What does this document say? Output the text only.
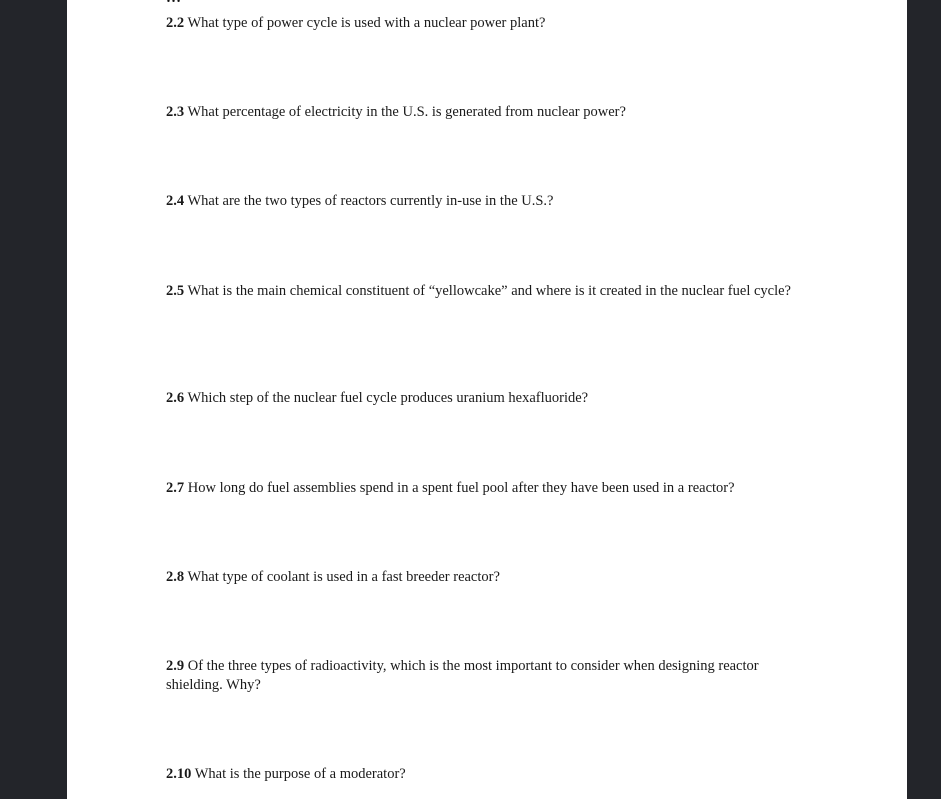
2.2 What type of power cycle is used with a nuclear power plant?
2.3 What percentage of electricity in the U.S. is generated from nuclear power?
2.4 What are the two types of reactors currently in-use in the U.S.?
2.5 What is the main chemical constituent of “yellowcake” and where is it created in the nuclear fuel cycle?
2.6 Which step of the nuclear fuel cycle produces uranium hexafluoride?
2.7 How long do fuel assemblies spend in a spent fuel pool after they have been used in a reactor?
2.8 What type of coolant is used in a fast breeder reactor?
2.9 Of the three types of radioactivity, which is the most important to consider when designing reactor shielding. Why?
2.10 What is the purpose of a moderator?
